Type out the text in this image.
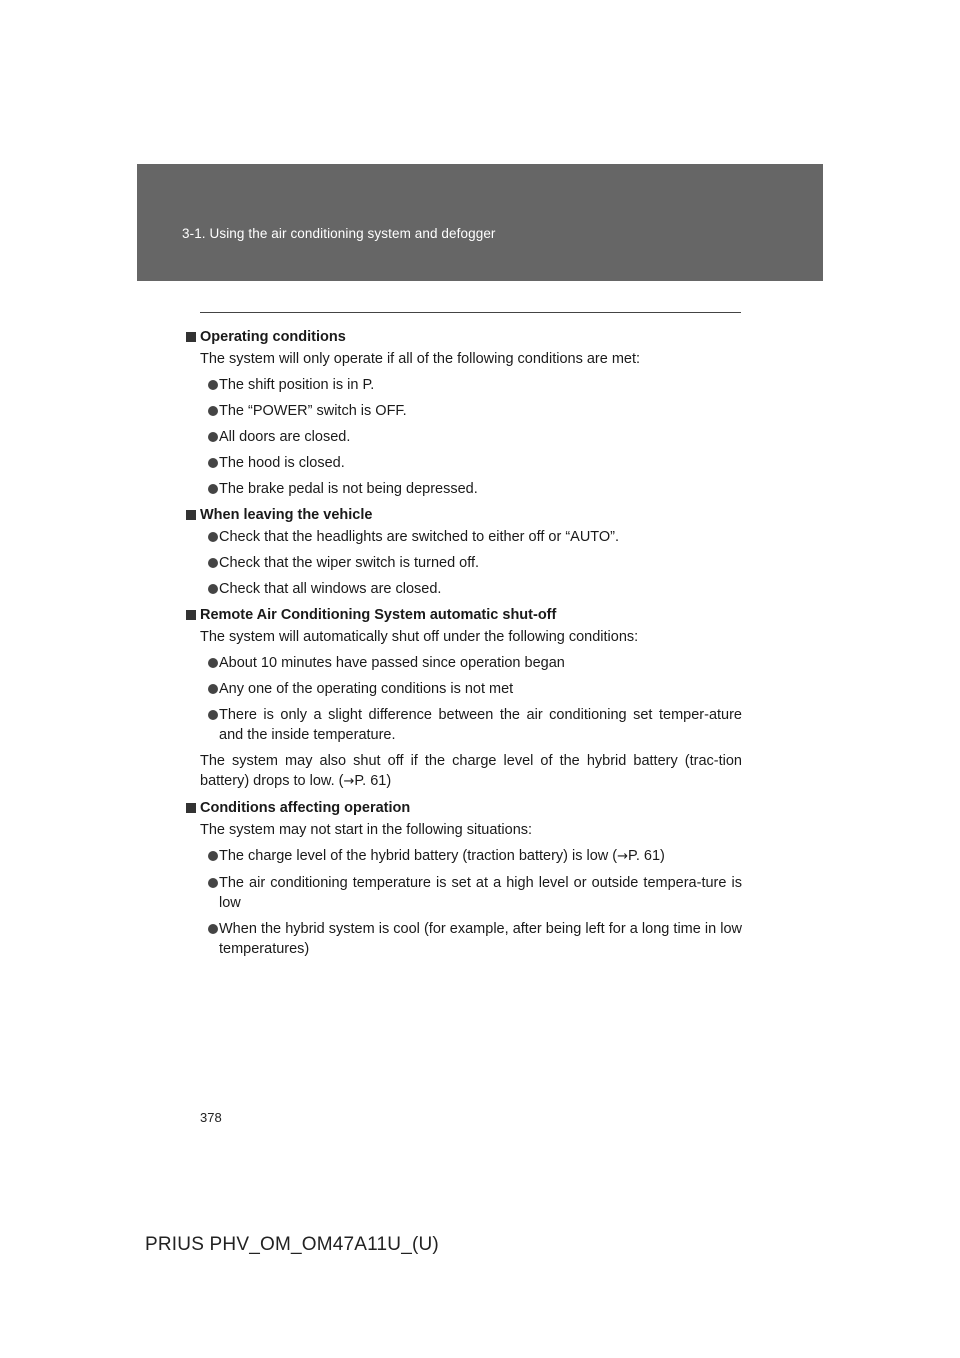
3-1. Using the air conditioning system and defogger
Operating conditions
The system will only operate if all of the following conditions are met:
The shift position is in P.
The “POWER” switch is OFF.
All doors are closed.
The hood is closed.
The brake pedal is not being depressed.
When leaving the vehicle
Check that the headlights are switched to either off or “AUTO”.
Check that the wiper switch is turned off.
Check that all windows are closed.
Remote Air Conditioning System automatic shut-off
The system will automatically shut off under the following conditions:
About 10 minutes have passed since operation began
Any one of the operating conditions is not met
There is only a slight difference between the air conditioning set temper-ature and the inside temperature.
The system may also shut off if the charge level of the hybrid battery (trac-tion battery) drops to low. (→P. 61)
Conditions affecting operation
The system may not start in the following situations:
The charge level of the hybrid battery (traction battery) is low (→P. 61)
The air conditioning temperature is set at a high level or outside tempera-ture is low
When the hybrid system is cool (for example, after being left for a long time in low temperatures)
378
PRIUS PHV_OM_OM47A11U_(U)
